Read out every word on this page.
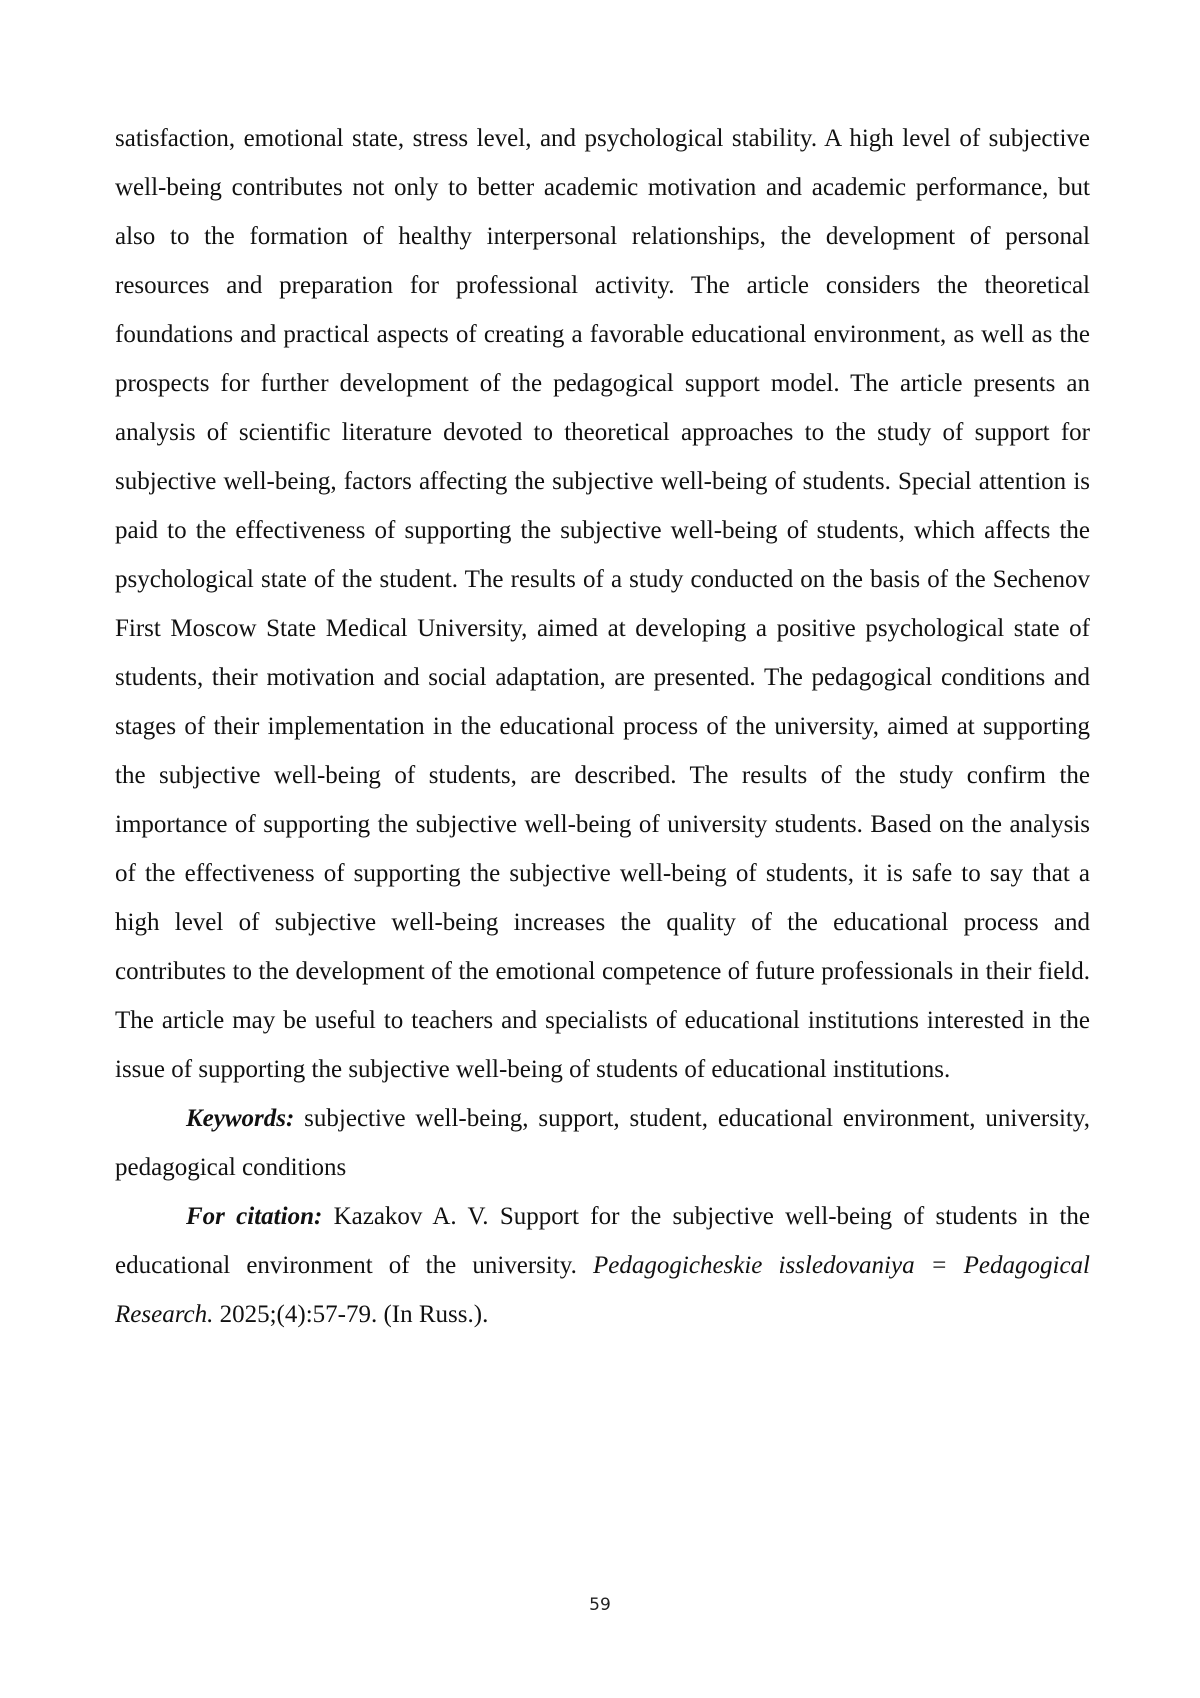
satisfaction, emotional state, stress level, and psychological stability. A high level of subjective well-being contributes not only to better academic motivation and academic performance, but also to the formation of healthy interpersonal relationships, the development of personal resources and preparation for professional activity. The article considers the theoretical foundations and practical aspects of creating a favorable educational environment, as well as the prospects for further development of the pedagogical support model. The article presents an analysis of scientific literature devoted to theoretical approaches to the study of support for subjective well-being, factors affecting the subjective well-being of students. Special attention is paid to the effectiveness of supporting the subjective well-being of students, which affects the psychological state of the student. The results of a study conducted on the basis of the Sechenov First Moscow State Medical University, aimed at developing a positive psychological state of students, their motivation and social adaptation, are presented. The pedagogical conditions and stages of their implementation in the educational process of the university, aimed at supporting the subjective well-being of students, are described. The results of the study confirm the importance of supporting the subjective well-being of university students. Based on the analysis of the effectiveness of supporting the subjective well-being of students, it is safe to say that a high level of subjective well-being increases the quality of the educational process and contributes to the development of the emotional competence of future professionals in their field. The article may be useful to teachers and specialists of educational institutions interested in the issue of supporting the subjective well-being of students of educational institutions.

Keywords: subjective well-being, support, student, educational environment, university, pedagogical conditions

For citation: Kazakov A. V. Support for the subjective well-being of students in the educational environment of the university. Pedagogicheskie issledovaniya = Pedagogical Research. 2025;(4):57-79. (In Russ.).

59
